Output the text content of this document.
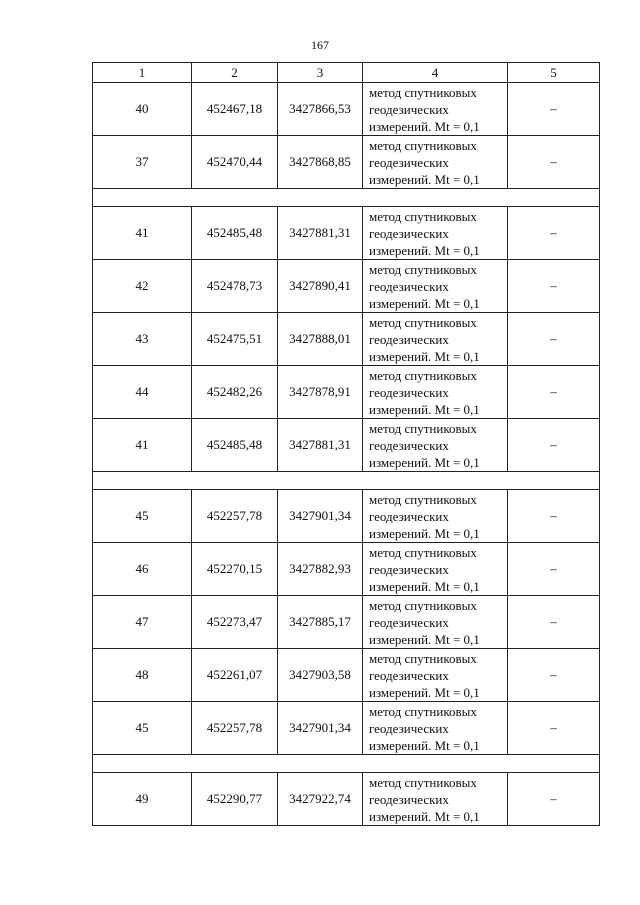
167
1	2	3	4	5
40	452467,18	3427866,53	метод спутниковых
геодезических
измерений. Mt = 0,1	–
37	452470,44	3427868,85	метод спутниковых
геодезических
измерений. Mt = 0,1	–

41	452485,48	3427881,31	метод спутниковых
геодезических
измерений. Mt = 0,1	–
42	452478,73	3427890,41	метод спутниковых
геодезических
измерений. Mt = 0,1	–
43	452475,51	3427888,01	метод спутниковых
геодезических
измерений. Mt = 0,1	–
44	452482,26	3427878,91	метод спутниковых
геодезических
измерений. Mt = 0,1	–
41	452485,48	3427881,31	метод спутниковых
геодезических
измерений. Mt = 0,1	–

45	452257,78	3427901,34	метод спутниковых
геодезических
измерений. Mt = 0,1	–
46	452270,15	3427882,93	метод спутниковых
геодезических
измерений. Mt = 0,1	–
47	452273,47	3427885,17	метод спутниковых
геодезических
измерений. Mt = 0,1	–
48	452261,07	3427903,58	метод спутниковых
геодезических
измерений. Mt = 0,1	–
45	452257,78	3427901,34	метод спутниковых
геодезических
измерений. Mt = 0,1	–

49	452290,77	3427922,74	метод спутниковых
геодезических
измерений. Mt = 0,1	–
